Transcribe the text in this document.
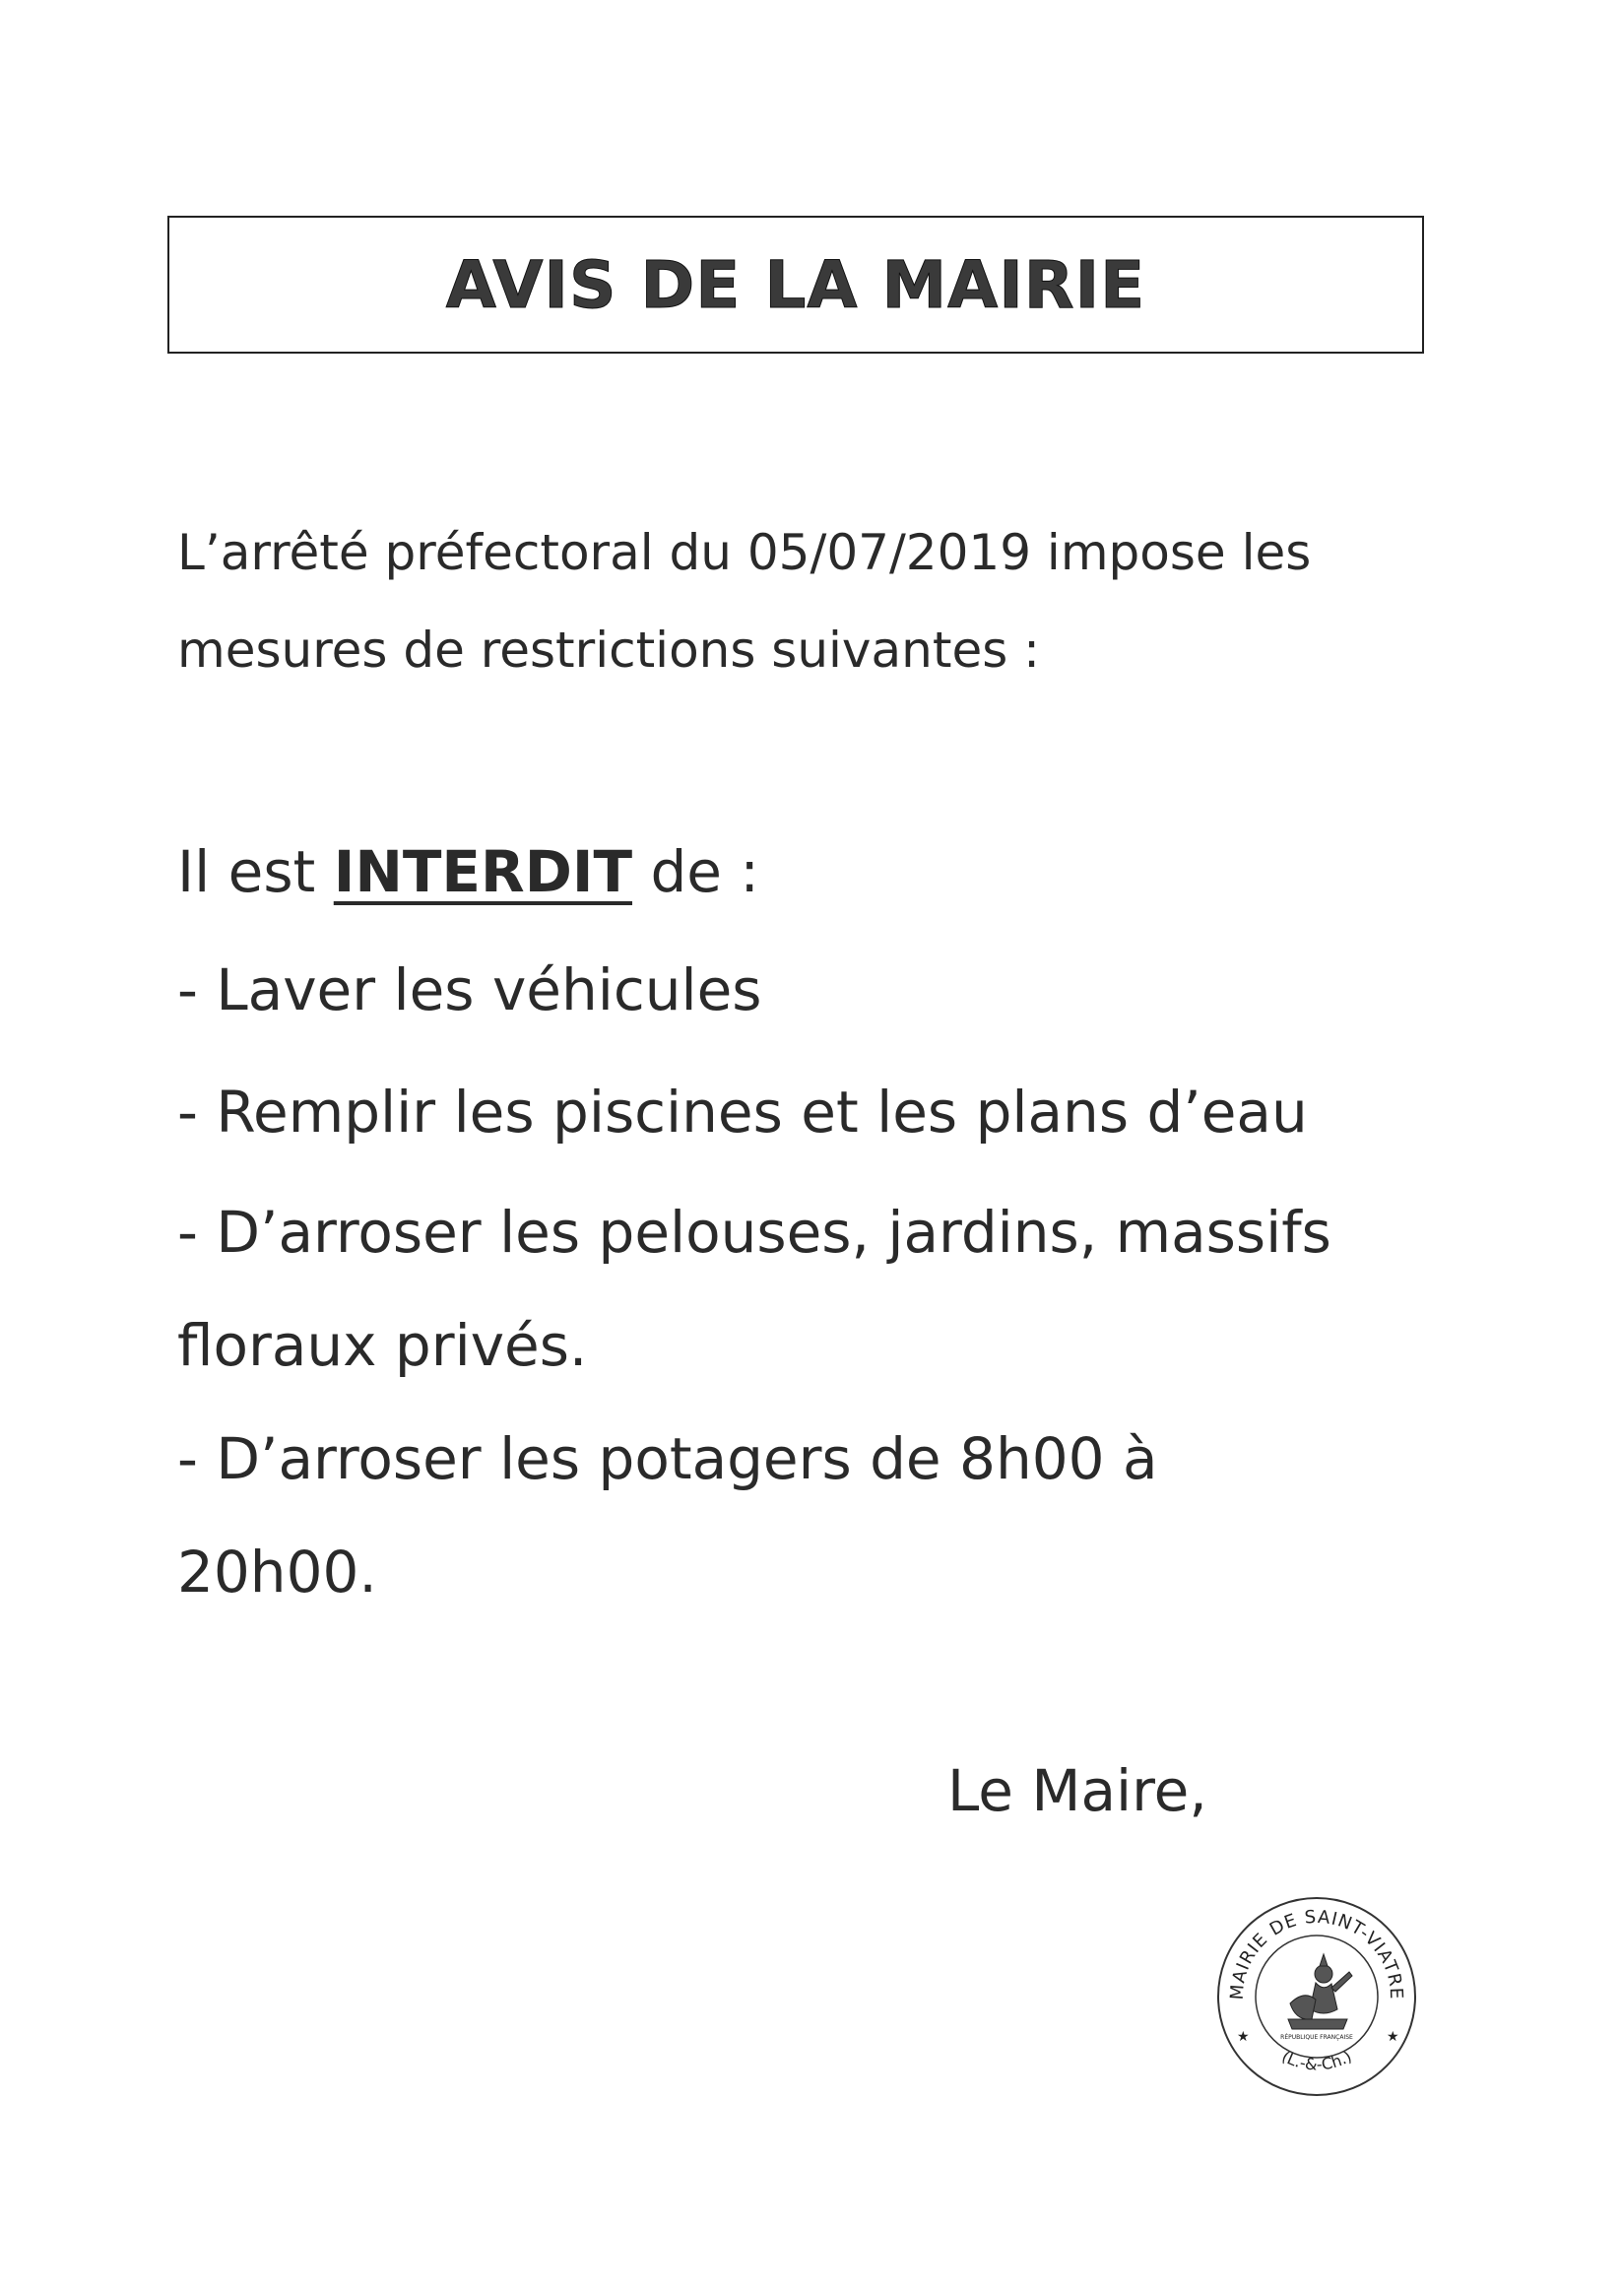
AVIS DE LA MAIRIE

L’arrêté préfectoral du 05/07/2019 impose les
mesures de restrictions suivantes :

Il est INTERDIT de :

- Laver les véhicules

- Remplir les piscines et les plans d’eau

- D’arroser les pelouses, jardins, massifs
floraux privés.

- D’arroser les potagers de 8h00 à
20h00.

Le Maire,

MAIRIE DE SAINT-VIATRE
(L.-&-Ch.)
★	★
RÉPUBLIQUE FRANÇAISE
